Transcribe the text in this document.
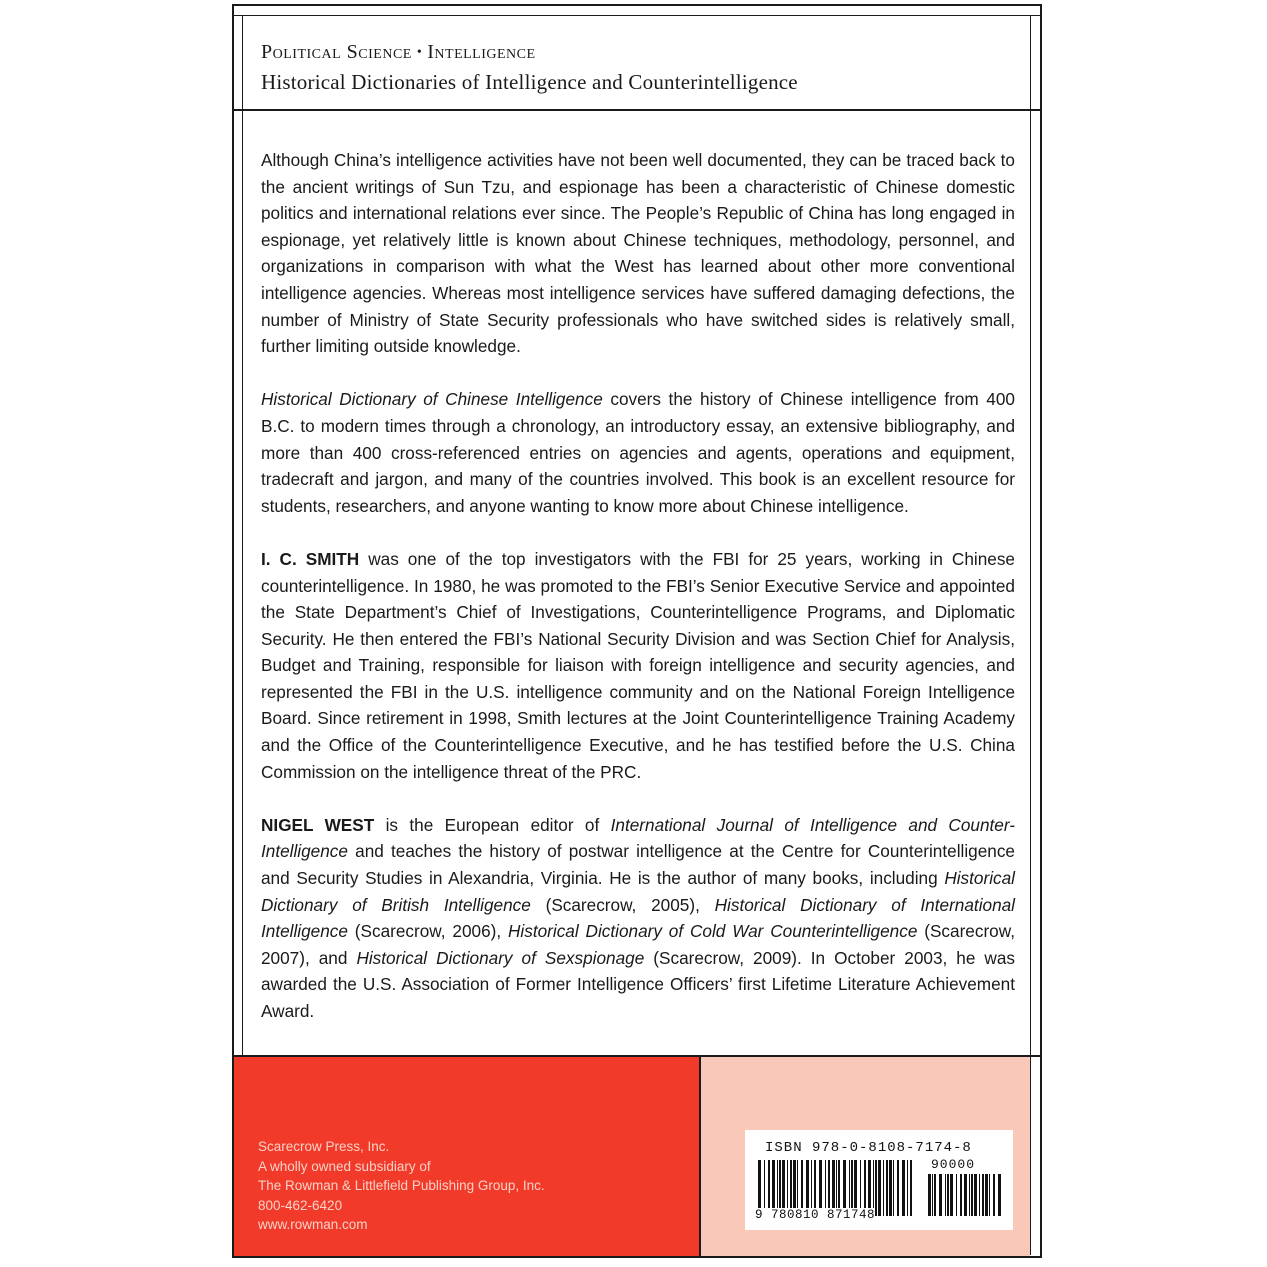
Political Science • Intelligence
Historical Dictionaries of Intelligence and Counterintelligence

Although China’s intelligence activities have not been well documented, they can be traced back to the ancient writings of Sun Tzu, and espionage has been a characteristic of Chinese domestic politics and international relations ever since. The People’s Republic of China has long engaged in espionage, yet relatively little is known about Chinese techniques, methodology, personnel, and organizations in comparison with what the West has learned about other more conventional intelligence agencies. Whereas most intelligence services have suffered damaging defections, the number of Ministry of State Security professionals who have switched sides is relatively small, further limiting outside knowledge.

Historical Dictionary of Chinese Intelligence covers the history of Chinese intelligence from 400 B.C. to modern times through a chronology, an introductory essay, an extensive bibliography, and more than 400 cross-referenced entries on agencies and agents, operations and equipment, tradecraft and jargon, and many of the countries involved. This book is an excellent resource for students, researchers, and anyone wanting to know more about Chinese intelligence.

I. C. SMITH was one of the top investigators with the FBI for 25 years, working in Chinese counterintelligence. In 1980, he was promoted to the FBI’s Senior Executive Service and appointed the State Department’s Chief of Investigations, Counterintelligence Programs, and Diplomatic Security. He then entered the FBI’s National Security Division and was Section Chief for Analysis, Budget and Training, responsible for liaison with foreign intelligence and security agencies, and represented the FBI in the U.S. intelligence community and on the National Foreign Intelligence Board. Since retirement in 1998, Smith lectures at the Joint Counterintelligence Training Academy and the Office of the Counterintelligence Executive, and he has testified before the U.S. China Commission on the intelligence threat of the PRC.

NIGEL WEST is the European editor of International Journal of Intelligence and Counter-Intelligence and teaches the history of postwar intelligence at the Centre for Counterintelligence and Security Studies in Alexandria, Virginia. He is the author of many books, including Historical Dictionary of British Intelligence (Scarecrow, 2005), Historical Dictionary of International Intelligence (Scarecrow, 2006), Historical Dictionary of Cold War Counterintelligence (Scarecrow, 2007), and Historical Dictionary of Sexspionage (Scarecrow, 2009). In October 2003, he was awarded the U.S. Association of Former Intelligence Officers’ first Lifetime Literature Achievement Award.

Scarecrow Press, Inc.
A wholly owned subsidiary of
The Rowman & Littlefield Publishing Group, Inc.
800-462-6420
www.rowman.com
ISBN 978-0-8108-7174-8
90000
9 780810 871748
